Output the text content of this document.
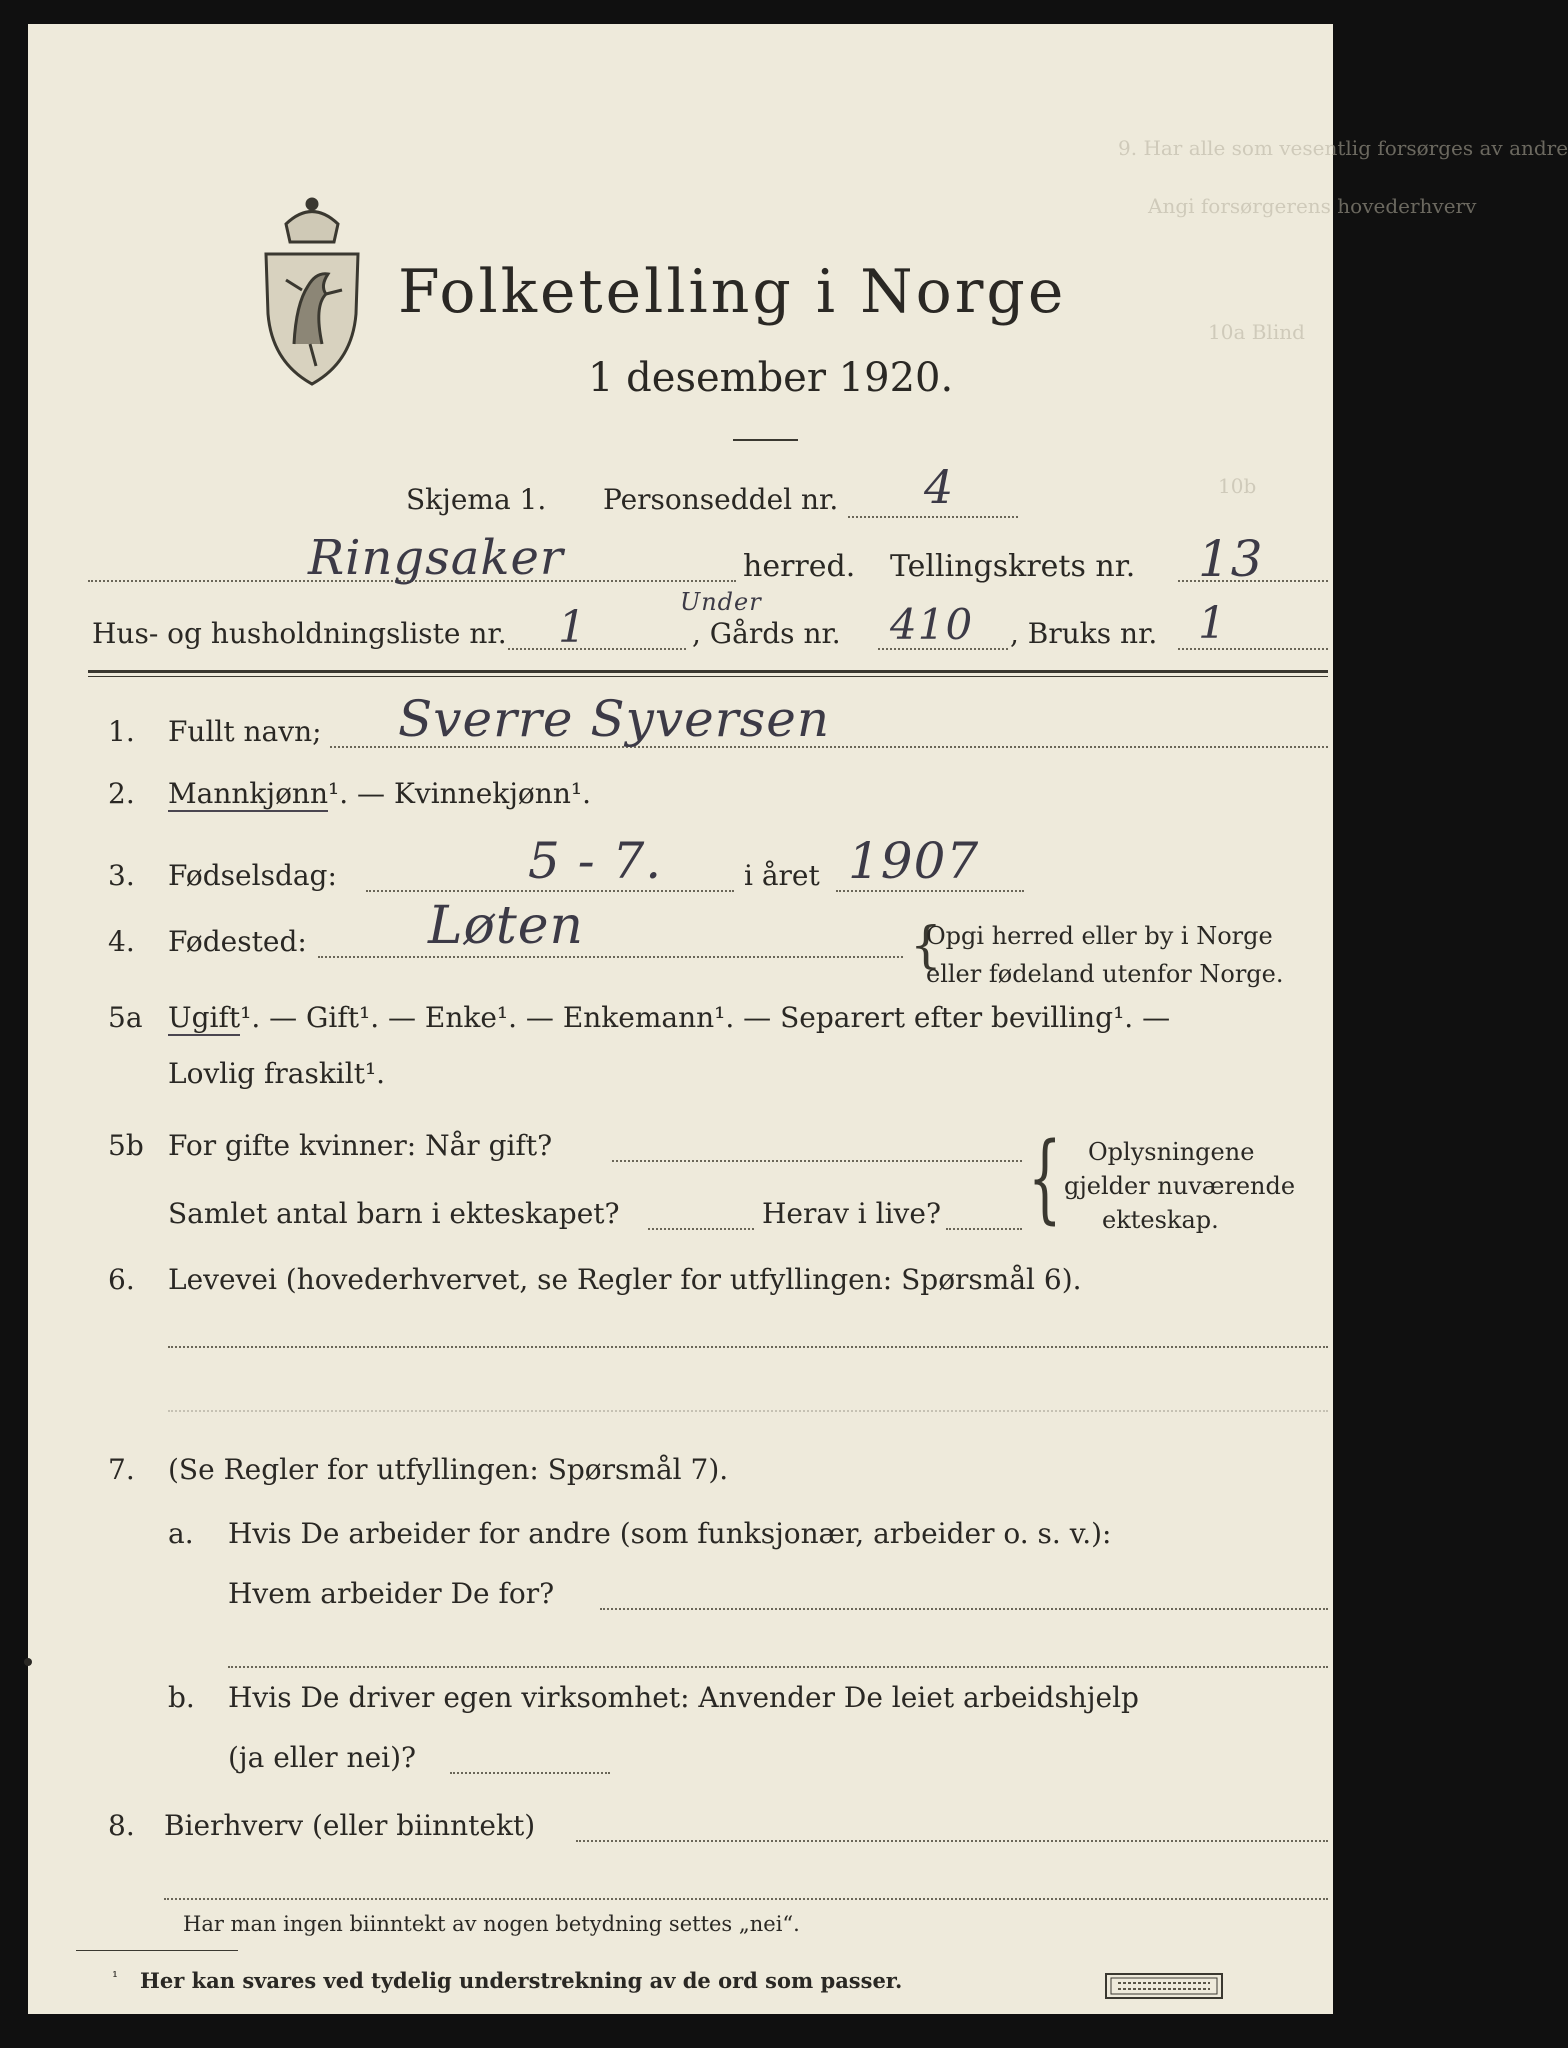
9. Har alle som vesentlig forsørges av andre
Angi forsørgerens hovederhverv
10a Blind
10b
Folketelling i Norge
1 desember 1920.
Skjema 1. Personseddel nr. 4
Ringsaker	herred. Tellingskrets nr. 13
Hus- og husholdningsliste nr. 1	Under
, Gårds nr. 410 , Bruks nr. 1
1. Fullt navn; Sverre Syversen
2. Mannkjønn¹. — Kvinnekjønn¹.
3. Fødselsdag:	5 - 7.	i året 1907
4. Fødested: Løten	{
Opgi herred eller by i Norge
eller fødeland utenfor Norge.
5a Ugift¹. — Gift¹. — Enke¹. — Enkemann¹. — Separert efter bevilling¹. —
Lovlig fraskilt¹.
5b For gifte kvinner: Når gift?
Samlet antal barn i ekteskapet?	Herav i live? { Oplysningene
gjelder nuværende
ekteskap.
6. Levevei (hovederhvervet, se Regler for utfyllingen: Spørsmål 6).
7. (Se Regler for utfyllingen: Spørsmål 7).
a. Hvis De arbeider for andre (som funksjonær, arbeider o. s. v.):
Hvem arbeider De for?
b. Hvis De driver egen virksomhet: Anvender De leiet arbeidshjelp
(ja eller nei)?
8. Bierhverv (eller biinntekt)
Har man ingen biinntekt av nogen betydning settes „nei“.
¹ Her kan svares ved tydelig understrekning av de ord som passer.
